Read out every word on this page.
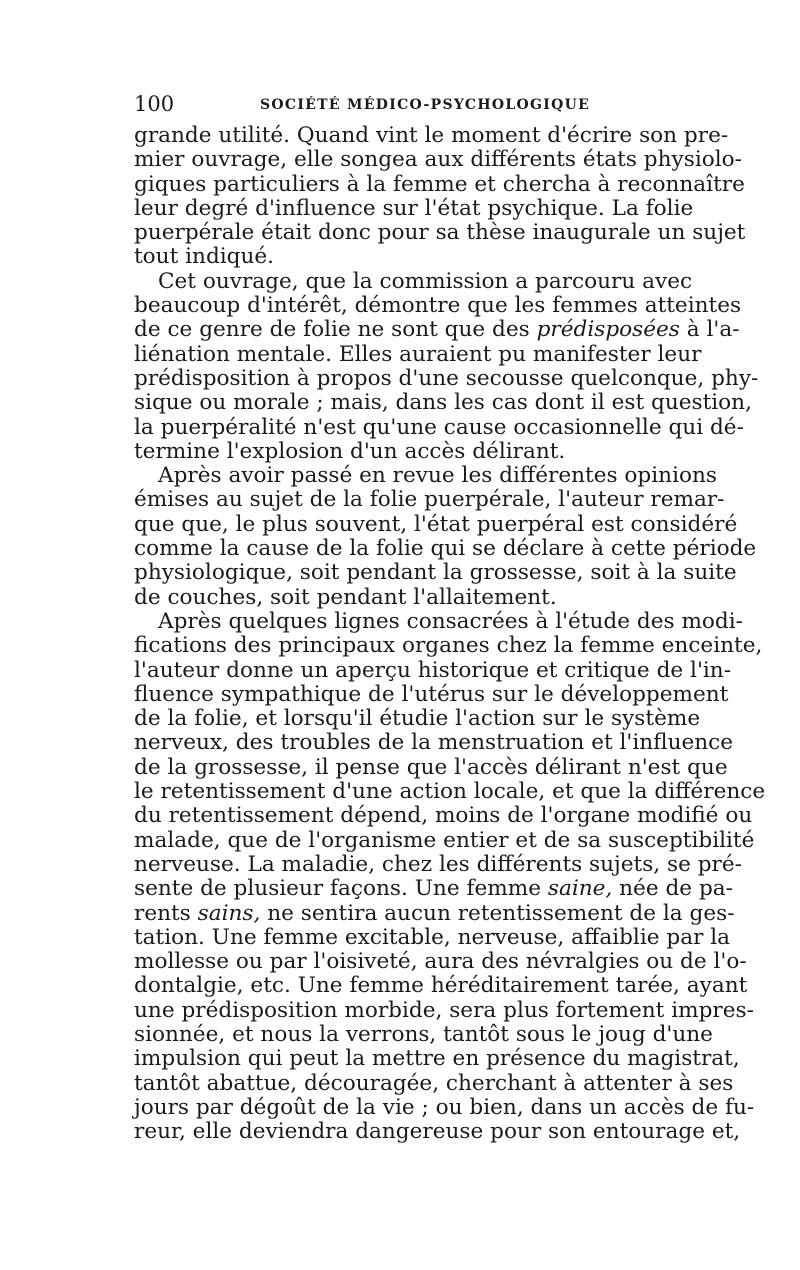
100	SOCIÉTÉ MÉDICO-PSYCHOLOGIQUE
grande utilité. Quand vint le moment d'écrire son pre-
mier ouvrage, elle songea aux différents états physiolo-
giques particuliers à la femme et chercha à reconnaître
leur degré d'influence sur l'état psychique. La folie
puerpérale était donc pour sa thèse inaugurale un sujet
tout indiqué.
Cet ouvrage, que la commission a parcouru avec
beaucoup d'intérêt, démontre que les femmes atteintes
de ce genre de folie ne sont que des prédisposées à l'a-
liénation mentale. Elles auraient pu manifester leur
prédisposition à propos d'une secousse quelconque, phy-
sique ou morale ; mais, dans les cas dont il est question,
la puerpéralité n'est qu'une cause occasionnelle qui dé-
termine l'explosion d'un accès délirant.
Après avoir passé en revue les différentes opinions
émises au sujet de la folie puerpérale, l'auteur remar-
que que, le plus souvent, l'état puerpéral est considéré
comme la cause de la folie qui se déclare à cette période
physiologique, soit pendant la grossesse, soit à la suite
de couches, soit pendant l'allaitement.
Après quelques lignes consacrées à l'étude des modi-
fications des principaux organes chez la femme enceinte,
l'auteur donne un aperçu historique et critique de l'in-
fluence sympathique de l'utérus sur le développement
de la folie, et lorsqu'il étudie l'action sur le système
nerveux, des troubles de la menstruation et l'influence
de la grossesse, il pense que l'accès délirant n'est que
le retentissement d'une action locale, et que la différence
du retentissement dépend, moins de l'organe modifié ou
malade, que de l'organisme entier et de sa susceptibilité
nerveuse. La maladie, chez les différents sujets, se pré-
sente de plusieur façons. Une femme saine, née de pa-
rents sains, ne sentira aucun retentissement de la ges-
tation. Une femme excitable, nerveuse, affaiblie par la
mollesse ou par l'oisiveté, aura des névralgies ou de l'o-
dontalgie, etc. Une femme héréditairement tarée, ayant
une prédisposition morbide, sera plus fortement impres-
sionnée, et nous la verrons, tantôt sous le joug d'une
impulsion qui peut la mettre en présence du magistrat,
tantôt abattue, découragée, cherchant à attenter à ses
jours par dégoût de la vie ; ou bien, dans un accès de fu-
reur, elle deviendra dangereuse pour son entourage et,
